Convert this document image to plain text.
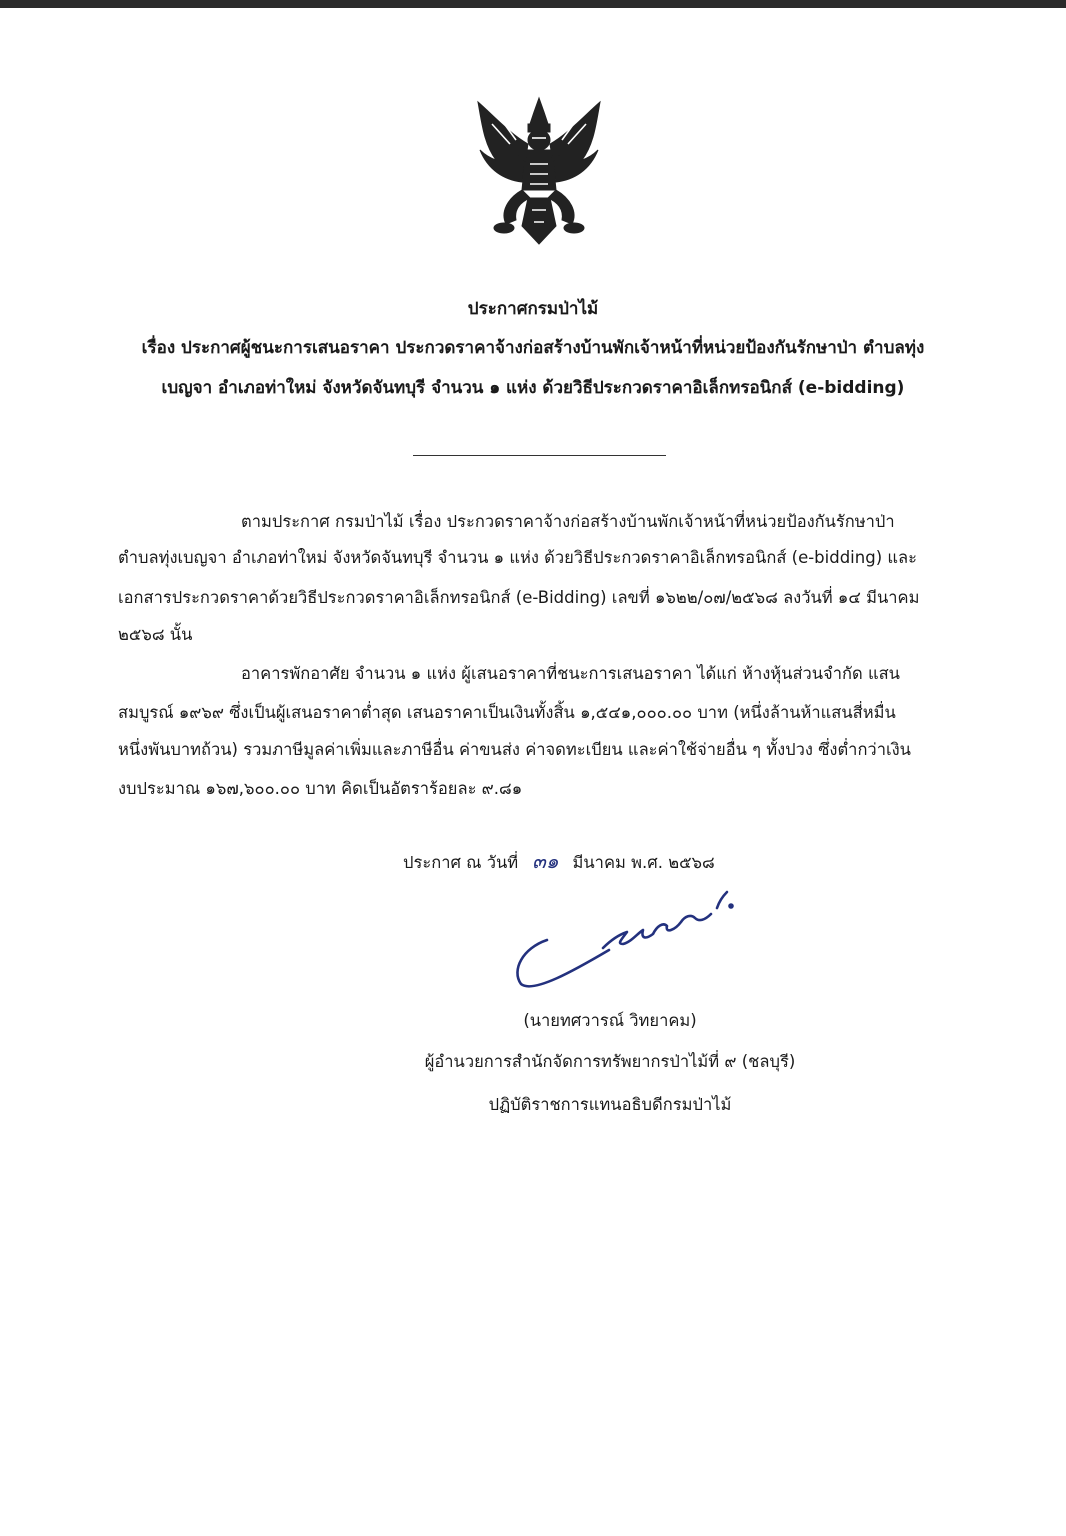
ประกาศกรมป่าไม้
เรื่อง ประกาศผู้ชนะการเสนอราคา ประกวดราคาจ้างก่อสร้างบ้านพักเจ้าหน้าที่หน่วยป้องกันรักษาป่า ตำบลทุ่ง
เบญจา อำเภอท่าใหม่ จังหวัดจันทบุรี จำนวน ๑ แห่ง ด้วยวิธีประกวดราคาอิเล็กทรอนิกส์ (e-bidding)
ตามประกาศ กรมป่าไม้ เรื่อง ประกวดราคาจ้างก่อสร้างบ้านพักเจ้าหน้าที่หน่วยป้องกันรักษาป่า
ตำบลทุ่งเบญจา อำเภอท่าใหม่ จังหวัดจันทบุรี จำนวน ๑ แห่ง ด้วยวิธีประกวดราคาอิเล็กทรอนิกส์ (e-bidding) และ
เอกสารประกวดราคาด้วยวิธีประกวดราคาอิเล็กทรอนิกส์ (e-Bidding) เลขที่ ๑๖๒๒/๐๗/๒๕๖๘ ลงวันที่ ๑๔ มีนาคม
๒๕๖๘ นั้น
อาคารพักอาศัย จำนวน ๑ แห่ง ผู้เสนอราคาที่ชนะการเสนอราคา ได้แก่ ห้างหุ้นส่วนจำกัด แสน
สมบูรณ์ ๑๙๖๙ ซึ่งเป็นผู้เสนอราคาต่ำสุด เสนอราคาเป็นเงินทั้งสิ้น ๑,๕๔๑,๐๐๐.๐๐ บาท (หนึ่งล้านห้าแสนสี่หมื่น
หนึ่งพันบาทถ้วน) รวมภาษีมูลค่าเพิ่มและภาษีอื่น ค่าขนส่ง ค่าจดทะเบียน และค่าใช้จ่ายอื่น ๆ ทั้งปวง ซึ่งต่ำกว่าเงิน
งบประมาณ ๑๖๗,๖๐๐.๐๐ บาท คิดเป็นอัตราร้อยละ ๙.๘๑
ประกาศ ณ วันที่ ๓๑ มีนาคม พ.ศ. ๒๕๖๘
(นายทศวารณ์ วิทยาคม)
ผู้อำนวยการสำนักจัดการทรัพยากรป่าไม้ที่ ๙ (ชลบุรี)
ปฏิบัติราชการแทนอธิบดีกรมป่าไม้
